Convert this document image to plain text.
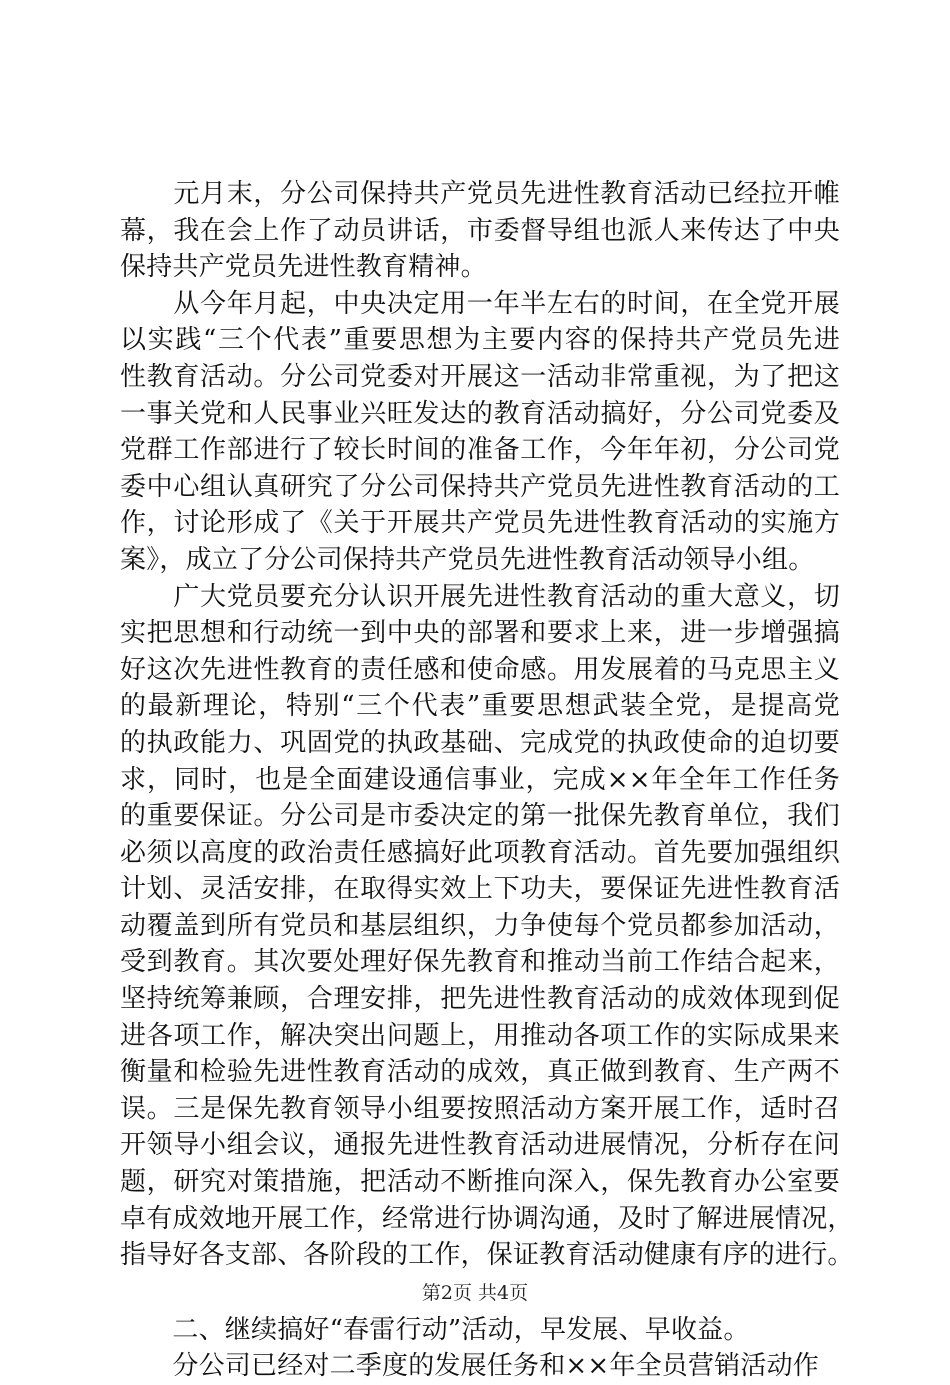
　　元月末，分公司保持共产党员先进性教育活动已经拉开帷
幕，我在会上作了动员讲话，市委督导组也派人来传达了中央
保持共产党员先进性教育精神。
　　从今年月起，中央决定用一年半左右的时间，在全党开展
以实践“三个代表”重要思想为主要内容的保持共产党员先进
性教育活动。分公司党委对开展这一活动非常重视，为了把这
一事关党和人民事业兴旺发达的教育活动搞好，分公司党委及
党群工作部进行了较长时间的准备工作，今年年初，分公司党
委中心组认真研究了分公司保持共产党员先进性教育活动的工
作，讨论形成了《关于开展共产党员先进性教育活动的实施方
案》，成立了分公司保持共产党员先进性教育活动领导小组。
　　广大党员要充分认识开展先进性教育活动的重大意义，切
实把思想和行动统一到中央的部署和要求上来，进一步增强搞
好这次先进性教育的责任感和使命感。用发展着的马克思主义
的最新理论，特别“三个代表”重要思想武装全党，是提高党
的执政能力、巩固党的执政基础、完成党的执政使命的迫切要
求，同时，也是全面建设通信事业，完成××年全年工作任务
的重要保证。分公司是市委决定的第一批保先教育单位，我们
必须以高度的政治责任感搞好此项教育活动。首先要加强组织
计划、灵活安排，在取得实效上下功夫，要保证先进性教育活
动覆盖到所有党员和基层组织，力争使每个党员都参加活动，
受到教育。其次要处理好保先教育和推动当前工作结合起来，
坚持统筹兼顾，合理安排，把先进性教育活动的成效体现到促
进各项工作，解决突出问题上，用推动各项工作的实际成果来
衡量和检验先进性教育活动的成效，真正做到教育、生产两不
误。三是保先教育领导小组要按照活动方案开展工作，适时召
开领导小组会议，通报先进性教育活动进展情况，分析存在问
题，研究对策措施，把活动不断推向深入，保先教育办公室要
卓有成效地开展工作，经常进行协调沟通，及时了解进展情况，
指导好各支部、各阶段的工作，保证教育活动健康有序的进行。
　　二、继续搞好“春雷行动”活动，早发展、早收益。
　　分公司已经对二季度的发展任务和××年全员营销活动作
第2页 共4页
